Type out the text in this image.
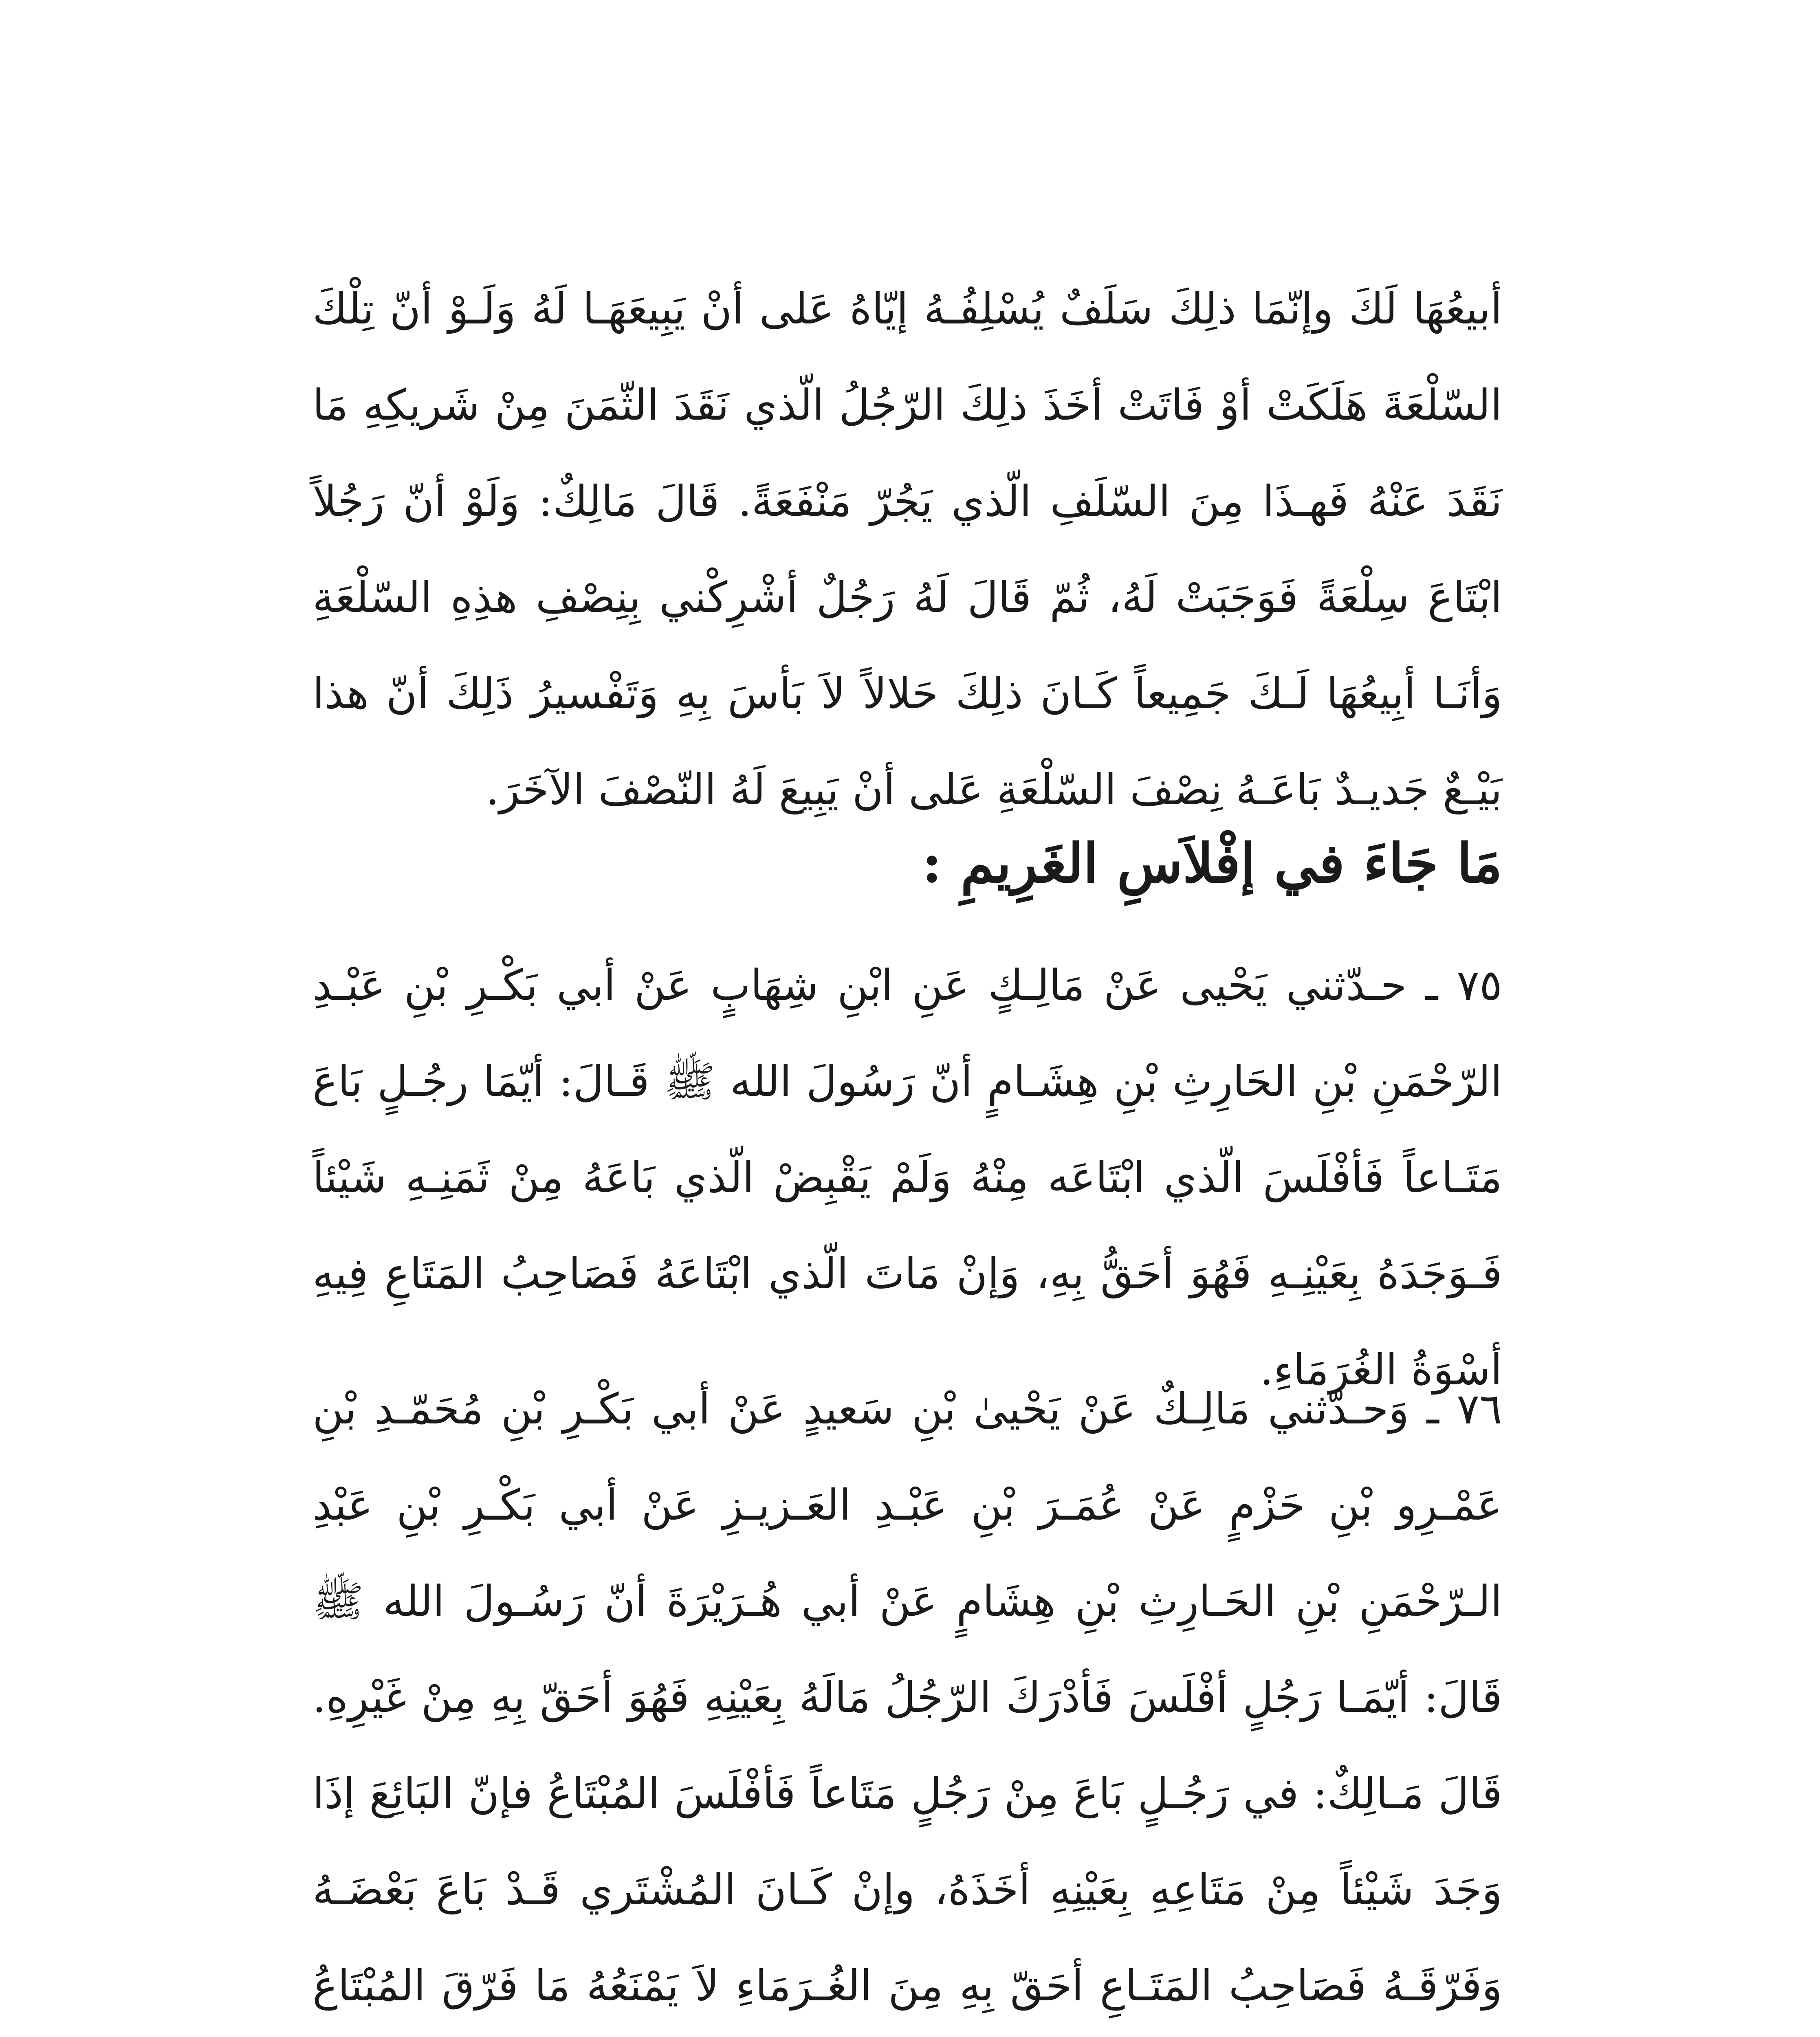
أبيعُهَا لَكَ وإنّمَا ذلِكَ سَلَفٌ يُسْلِفُـهُ إيّاهُ عَلى أنْ يَبِيعَهَـا لَهُ وَلَـوْ أنّ تِلْكَ السّلْعَةَ هَلَكَتْ أوْ فَاتَتْ أخَذَ ذلِكَ الرّجُلُ الّذي نَقَدَ الثّمَنَ مِنْ شَريكِهِ مَا نَقَدَ عَنْهُ فَهـذَا مِنَ السّلَفِ الّذي يَجُرّ مَنْفَعَةً. قَالَ مَالِكٌ: وَلَوْ أنّ رَجُلاً ابْتَاعَ سِلْعَةً فَوَجَبَتْ لَهُ، ثُمّ قَالَ لَهُ رَجُلٌ أشْرِكْني بِنِصْفِ هذِهِ السّلْعَةِ وَأنَـا أبِيعُهَا لَـكَ جَمِيعاً كَـانَ ذلِكَ حَلالاً لاَ بَأسَ بِهِ وَتَفْسيرُ ذَلِكَ أنّ هذا بَيْـعٌ جَديـدٌ بَاعَـهُ نِصْفَ السّلْعَةِ عَلى أنْ يَبِيعَ لَهُ النّصْفَ الآخَرَ.

مَا جَاءَ في إفْلاَسِ الغَرِيمِ :

٧٥ ـ حـدّثني يَحْيى عَنْ مَالِـكٍ عَنِ ابْنِ شِهَابٍ عَنْ أبي بَكْـرِ بْنِ عَبْـدِ الرّحْمَنِ بْنِ الحَارِثِ بْنِ هِشَـامٍ أنّ رَسُولَ الله ﷺ قَـالَ: أيّمَا رجُـلٍ بَاعَ مَتَـاعاً فَأفْلَسَ الّذي ابْتَاعَه مِنْهُ وَلَمْ يَقْبِضْ الّذي بَاعَهُ مِنْ ثَمَنِـهِ شَيْئاً فَـوَجَدَهُ بِعَيْنِـهِ فَهُوَ أحَقُّ بِهِ، وَإنْ مَاتَ الّذي ابْتَاعَهُ فَصَاحِبُ المَتَاعِ فِيهِ أسْوَةُ الغُرَمَاءِ.

٧٦ ـ وَحـدّثني مَالِـكٌ عَنْ يَحْيىٰ بْنِ سَعيدٍ عَنْ أبي بَكْـرِ بْنِ مُحَمّـدِ بْنِ عَمْـرِو بْنِ حَزْمٍ عَنْ عُمَـرَ بْنِ عَبْـدِ العَـزيـزِ عَنْ أبي بَكْـرِ بْنِ عَبْدِ الـرّحْمَنِ بْنِ الحَـارِثِ بْنِ هِشَامٍ عَنْ أبي هُـرَيْرَةَ أنّ رَسُـولَ الله ﷺ قَالَ: أيّمَـا رَجُلٍ أفْلَسَ فَأدْرَكَ الرّجُلُ مَالَهُ بِعَيْنِهِ فَهُوَ أحَقّ بِهِ مِنْ غَيْرِهِ. قَالَ مَـالِكٌ: في رَجُـلٍ بَاعَ مِنْ رَجُلٍ مَتَاعاً فَأفْلَسَ المُبْتَاعُ فإنّ البَائِعَ إذَا وَجَدَ شَيْئاً مِنْ مَتَاعِهِ بِعَيْنِهِ أخَذَهُ، وإنْ كَـانَ المُشْتَري قَـدْ بَاعَ بَعْضَـهُ وَفَرّقَـهُ فَصَاحِبُ المَتَـاعِ أحَقّ بِهِ مِنَ الغُـرَمَاءِ لاَ يَمْنَعُهُ مَا فَرّقَ المُبْتَاعُ
